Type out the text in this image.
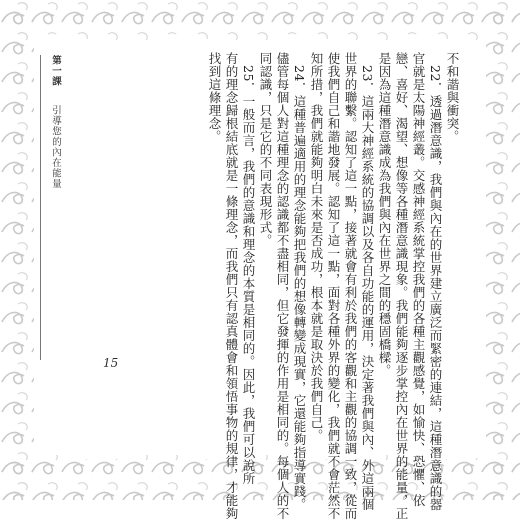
不和諧與衝突。
　22．透過潛意識，我們與內在的世界建立廣泛而緊密的連結，這種潛意識的器
官就是太陽神經叢。交感神經系統掌控我們的各種主觀感覺，如愉快、恐懼、依
戀、喜好、渴望、想像等各種潛意識現象。我們能夠逐步掌控內在世界的能量，正
是因為這種潛意識成為我們與內在世界之間的穩固橋樑。
　23．這兩大神經系統的協調以及各自功能的運用，決定著我們與內、外這兩個
世界的聯繫。認知了這一點，接著就會有利於我們的客觀和主觀的協調一致，從而
使我們自己和諧地發展。認知了這一點，面對各種外界的變化，我們就不會茫然不
知所措，我們就能夠明白未來是否成功，根本就是取決於我們自己。
　24．這種普遍適用的理念能夠把我們的想像轉變成現實，它還能夠指導實踐。
儘管每個人對這種理念的認識都不盡相同，但它發揮的作用是相同的。每個人的不
同認識，只是它的不同表現形式。
　25．一般而言，我們的意識和理念的本質是相同的。因此，我們可以說所
有的理念歸根結底就是一條理念，而我們只有認真體會和領悟事物的規律，才能夠
找到這條理念。
第一課 　 引導您的內在能量
15
